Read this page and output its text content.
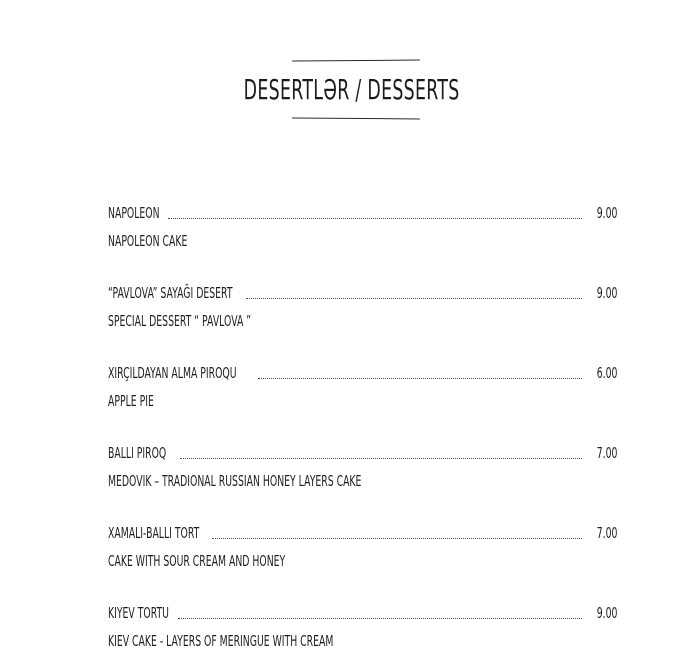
DESERTLƏR / DESSERTS
NAPOLEON	9.00
NAPOLEON CAKE
“PAVLOVA” SAYAĞI DESERT	9.00
SPECIAL DESSERT “ PAVLOVA ”
XIRÇILDAYAN ALMA PIROQU	6.00
APPLE PIE
BALLI PIROQ	7.00
MEDOVIK – TRADIONAL RUSSIAN HONEY LAYERS CAKE
XAMALI-BALLI TORT	7.00
CAKE WITH SOUR CREAM AND HONEY
KIYEV TORTU	9.00
KIEV CAKE - LAYERS OF MERINGUE WITH CREAM
